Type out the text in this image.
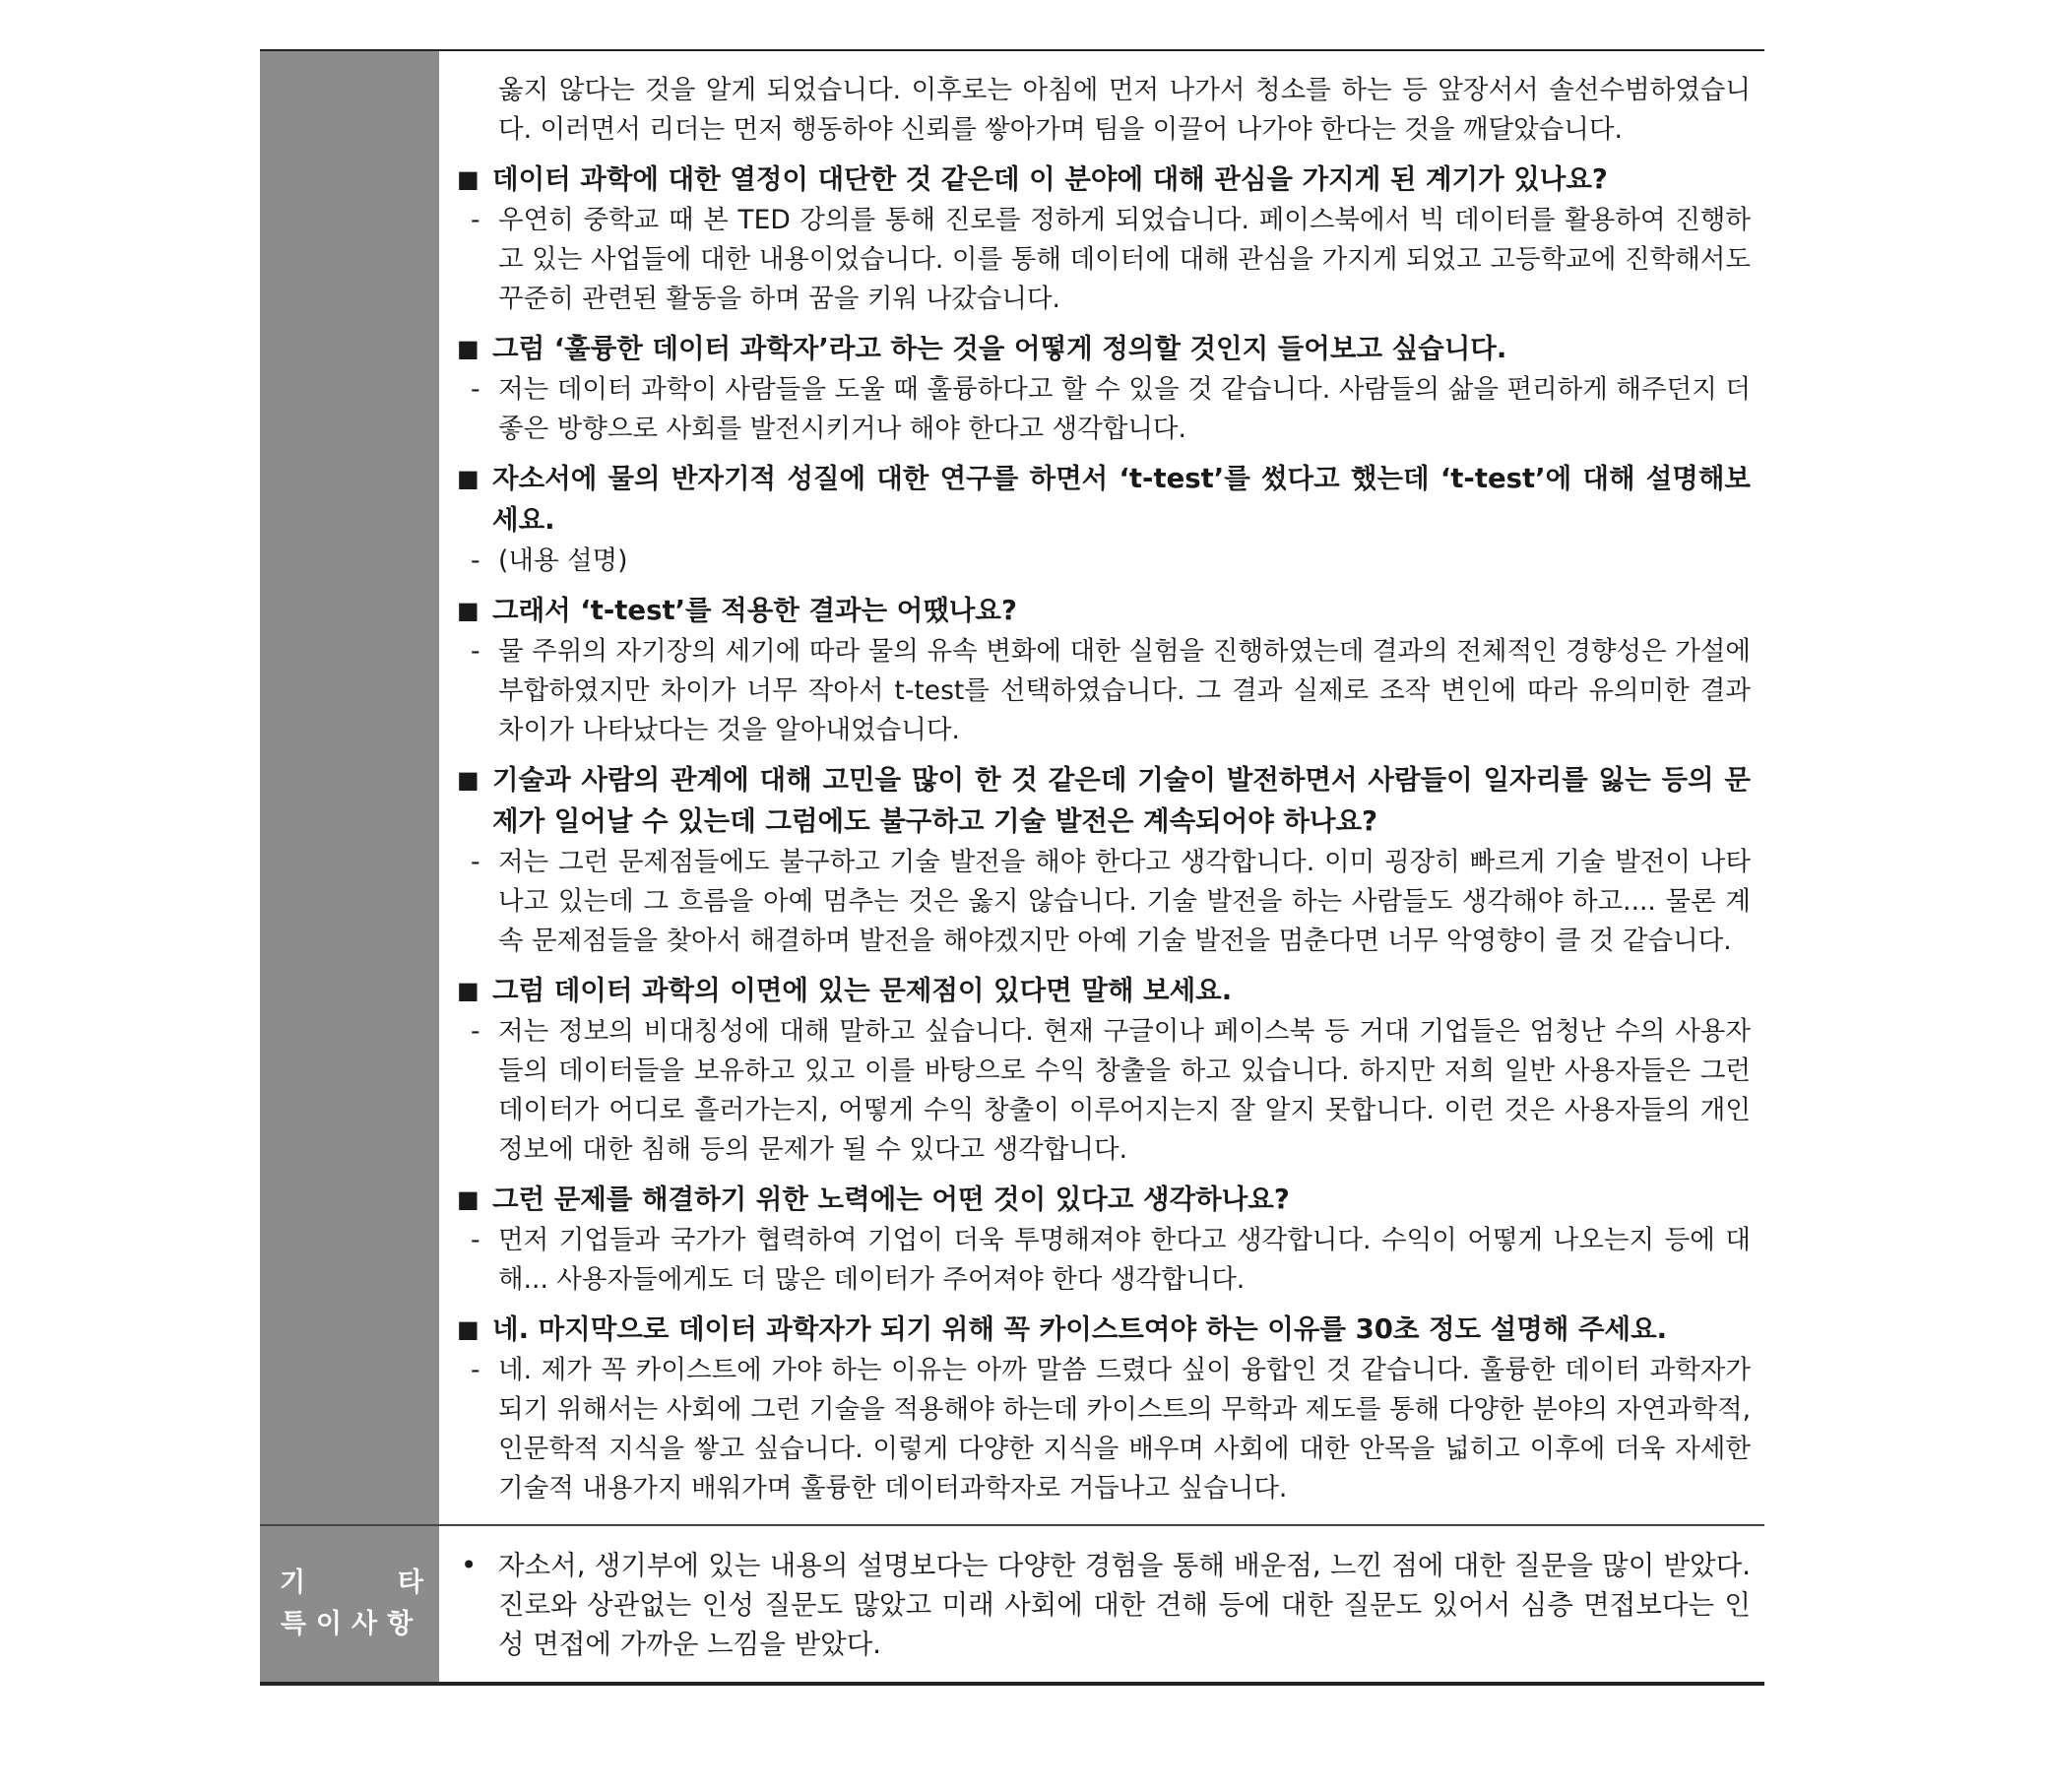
옳지 않다는 것을 알게 되었습니다. 이후로는 아침에 먼저 나가서 청소를 하는 등 앞장서서 솔선수범하였습니다. 이러면서 리더는 먼저 행동하야 신뢰를 쌓아가며 팀을 이끌어 나가야 한다는 것을 깨달았습니다.

■ 데이터 과학에 대한 열정이 대단한 것 같은데 이 분야에 대해 관심을 가지게 된 계기가 있나요?
- 우연히 중학교 때 본 TED 강의를 통해 진로를 정하게 되었습니다. 페이스북에서 빅 데이터를 활용하여 진행하고 있는 사업들에 대한 내용이었습니다. 이를 통해 데이터에 대해 관심을 가지게 되었고 고등학교에 진학해서도 꾸준히 관련된 활동을 하며 꿈을 키워 나갔습니다.
■ 그럼 ‘훌륭한 데이터 과학자’라고 하는 것을 어떻게 정의할 것인지 들어보고 싶습니다.
- 저는 데이터 과학이 사람들을 도울 때 훌륭하다고 할 수 있을 것 같습니다. 사람들의 삶을 편리하게 해주던지 더 좋은 방향으로 사회를 발전시키거나 해야 한다고 생각합니다.
■ 자소서에 물의 반자기적 성질에 대한 연구를 하면서 ‘t-test’를 썼다고 했는데 ‘t-test’에 대해 설명해보세요.
- (내용 설명)
■ 그래서 ‘t-test’를 적용한 결과는 어땠나요?
- 물 주위의 자기장의 세기에 따라 물의 유속 변화에 대한 실험을 진행하였는데 결과의 전체적인 경향성은 가설에 부합하였지만 차이가 너무 작아서 t-test를 선택하였습니다. 그 결과 실제로 조작 변인에 따라 유의미한 결과 차이가 나타났다는 것을 알아내었습니다.
■ 기술과 사람의 관계에 대해 고민을 많이 한 것 같은데 기술이 발전하면서 사람들이 일자리를 잃는 등의 문제가 일어날 수 있는데 그럼에도 불구하고 기술 발전은 계속되어야 하나요?
- 저는 그런 문제점들에도 불구하고 기술 발전을 해야 한다고 생각합니다. 이미 굉장히 빠르게 기술 발전이 나타나고 있는데 그 흐름을 아예 멈추는 것은 옳지 않습니다. 기술 발전을 하는 사람들도 생각해야 하고.... 물론 계속 문제점들을 찾아서 해결하며 발전을 해야겠지만 아예 기술 발전을 멈춘다면 너무 악영향이 클 것 같습니다.
■ 그럼 데이터 과학의 이면에 있는 문제점이 있다면 말해 보세요.
- 저는 정보의 비대칭성에 대해 말하고 싶습니다. 현재 구글이나 페이스북 등 거대 기업들은 엄청난 수의 사용자들의 데이터들을 보유하고 있고 이를 바탕으로 수익 창출을 하고 있습니다. 하지만 저희 일반 사용자들은 그런 데이터가 어디로 흘러가는지, 어떻게 수익 창출이 이루어지는지 잘 알지 못합니다. 이런 것은 사용자들의 개인정보에 대한 침해 등의 문제가 될 수 있다고 생각합니다.
■ 그런 문제를 해결하기 위한 노력에는 어떤 것이 있다고 생각하나요?
- 먼저 기업들과 국가가 협력하여 기업이 더욱 투명해져야 한다고 생각합니다. 수익이 어떻게 나오는지 등에 대해... 사용자들에게도 더 많은 데이터가 주어져야 한다 생각합니다.
■ 네. 마지막으로 데이터 과학자가 되기 위해 꼭 카이스트여야 하는 이유를 30초 정도 설명해 주세요.
- 네. 제가 꼭 카이스트에 가야 하는 이유는 아까 말씀 드렸다 싶이 융합인 것 같습니다. 훌륭한 데이터 과학자가 되기 위해서는 사회에 그런 기술을 적용해야 하는데 카이스트의 무학과 제도를 통해 다양한 분야의 자연과학적, 인문학적 지식을 쌓고 싶습니다. 이렇게 다양한 지식을 배우며 사회에 대한 안목을 넓히고 이후에 더욱 자세한 기술적 내용가지 배워가며 훌륭한 데이터과학자로 거듭나고 싶습니다.
기	타
특이사항
• 자소서, 생기부에 있는 내용의 설명보다는 다양한 경험을 통해 배운점, 느낀 점에 대한 질문을 많이 받았다. 진로와 상관없는 인성 질문도 많았고 미래 사회에 대한 견해 등에 대한 질문도 있어서 심층 면접보다는 인성 면접에 가까운 느낌을 받았다.
